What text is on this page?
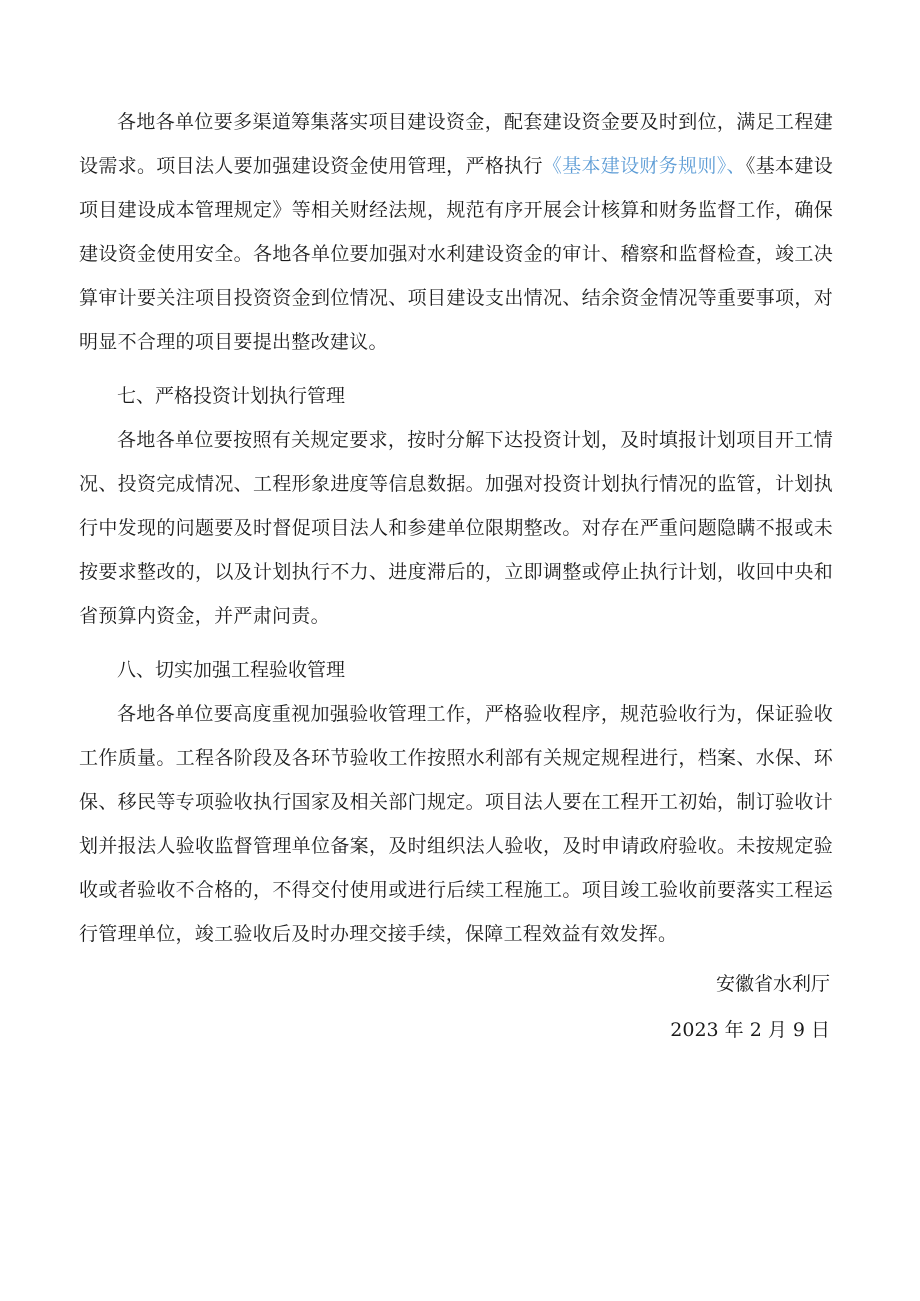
各地各单位要多渠道筹集落实项目建设资金，配套建设资金要及时到位，满足工程建设需求。项目法人要加强建设资金使用管理，严格执行《基本建设财务规则》、《基本建设项目建设成本管理规定》等相关财经法规，规范有序开展会计核算和财务监督工作，确保建设资金使用安全。各地各单位要加强对水利建设资金的审计、稽察和监督检查，竣工决算审计要关注项目投资资金到位情况、项目建设支出情况、结余资金情况等重要事项，对明显不合理的项目要提出整改建议。

七、严格投资计划执行管理

各地各单位要按照有关规定要求，按时分解下达投资计划，及时填报计划项目开工情况、投资完成情况、工程形象进度等信息数据。加强对投资计划执行情况的监管，计划执行中发现的问题要及时督促项目法人和参建单位限期整改。对存在严重问题隐瞒不报或未按要求整改的，以及计划执行不力、进度滞后的，立即调整或停止执行计划，收回中央和省预算内资金，并严肃问责。

八、切实加强工程验收管理

各地各单位要高度重视加强验收管理工作，严格验收程序，规范验收行为，保证验收工作质量。工程各阶段及各环节验收工作按照水利部有关规定规程进行，档案、水保、环保、移民等专项验收执行国家及相关部门规定。项目法人要在工程开工初始，制订验收计划并报法人验收监督管理单位备案，及时组织法人验收，及时申请政府验收。未按规定验收或者验收不合格的，不得交付使用或进行后续工程施工。项目竣工验收前要落实工程运行管理单位，竣工验收后及时办理交接手续，保障工程效益有效发挥。

安徽省水利厅
2023 年 2 月 9 日
